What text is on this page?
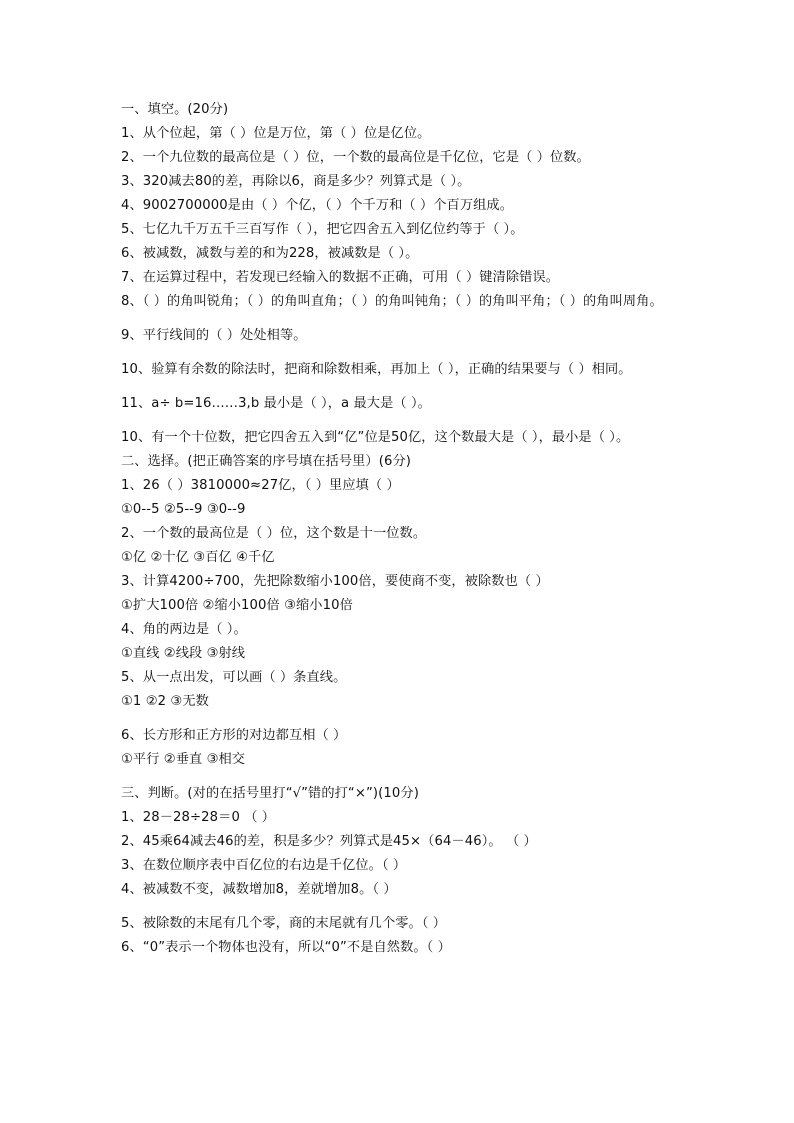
一、填空。(20分)
1、从个位起，第（ ）位是万位，第（ ）位是亿位。
2、一个九位数的最高位是（ ）位，一个数的最高位是千亿位，它是（ ）位数。
3、320减去80的差，再除以6，商是多少？列算式是（ ）。
4、9002700000是由（ ）个亿，（ ）个千万和（ ）个百万组成。
5、七亿九千万五千三百写作（ ），把它四舍五入到亿位约等于（ ）。
6、被减数，减数与差的和为228，被减数是（ ）。
7、在运算过程中，若发现已经输入的数据不正确，可用（ ）键清除错误。
8、（ ）的角叫锐角；（ ）的角叫直角；（ ）的角叫钝角；（ ）的角叫平角；（ ）的角叫周角。
9、平行线间的（ ）处处相等。
10、验算有余数的除法时，把商和除数相乘，再加上（ ），正确的结果要与（ ）相同。
11、a÷ b=16……3,b 最小是（ ），a 最大是（ ）。
10、有一个十位数，把它四舍五入到“亿”位是50亿，这个数最大是（ ），最小是（ ）。
二、选择。(把正确答案的序号填在括号里）(6分)
1、26（ ）3810000≈27亿，（ ）里应填（ ）
①0--5 ②5--9 ③0--9
2、一个数的最高位是（ ）位，这个数是十一位数。
①亿 ②十亿 ③百亿 ④千亿
3、计算4200÷700，先把除数缩小100倍，要使商不变，被除数也（ ）
①扩大100倍 ②缩小100倍 ③缩小10倍
4、角的两边是（ ）。
①直线 ②线段 ③射线
5、从一点出发，可以画（ ）条直线。
①1 ②2 ③无数
6、长方形和正方形的对边都互相（ ）
①平行 ②垂直 ③相交
三、判断。(对的在括号里打“√”错的打“×”)(10分)
1、28－28÷28＝0 （ ）
2、45乘64减去46的差，积是多少？列算式是45×（64－46）。 （ ）
3、在数位顺序表中百亿位的右边是千亿位。（ ）
4、被减数不变，减数增加8，差就增加8。（ ）
5、被除数的末尾有几个零，商的末尾就有几个零。（ ）
6、“0”表示一个物体也没有，所以“0”不是自然数。（ ）
